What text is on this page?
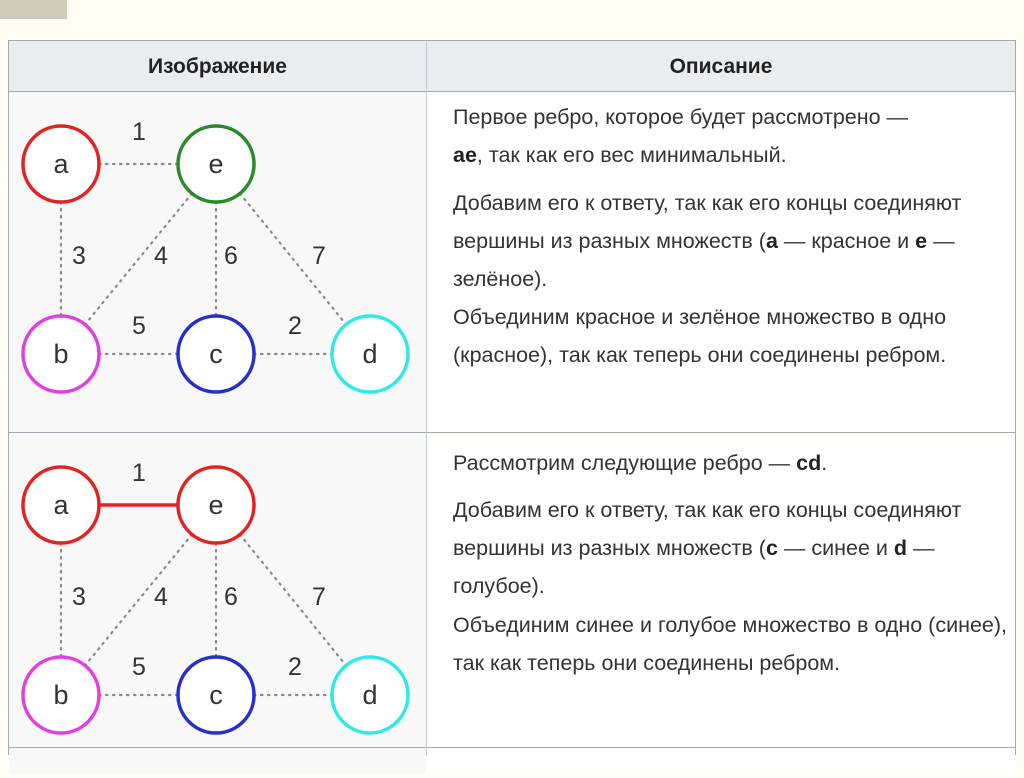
Изображение	Описание
1
3	4 6	7
5	2
a	e
b	c	d

Первое ребро, которое будет рассмотрено —
ae, так как его вес минимальный.

Добавим его к ответу, так как его концы соединяют вершины из разных множеств (a — красное и e — зелёное).

Объединим красное и зелёное множество в одно (красное), так как теперь они соединены ребром.

1
3	4 6	7
5	2
a	e
b	c	d

Рассмотрим следующие ребро — cd.

Добавим его к ответу, так как его концы соединяют вершины из разных множеств (c — синее и d — голубое).

Объединим синее и голубое множество в одно (синее), так как теперь они соединены ребром.
